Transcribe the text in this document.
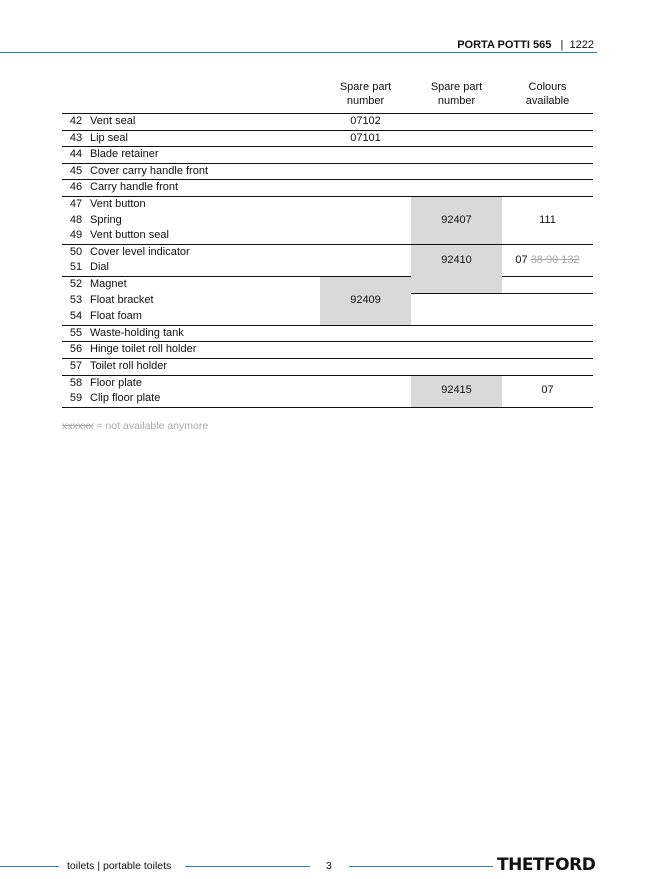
PORTA POTTI 565 | 1222
		Spare part
number	Spare part
number	Colours
available
42	Vent seal	07102		
43	Lip seal	07101		
44	Blade retainer			
45	Cover carry handle front			
46	Carry handle front			
47	Vent button		92407	111
48	Spring			
49	Vent button seal			
50	Cover level indicator		92410	07 38 90 132
51	Dial			
52	Magnet	92409		
53	Float bracket			
54	Float foam			
55	Waste-holding tank			
56	Hinge toilet roll holder			
57	Toilet roll holder			
58	Floor plate		92415	07
59	Clip floor plate			
xxxxxx = not available anymore
toilets | portable toilets	3	THETFORD
